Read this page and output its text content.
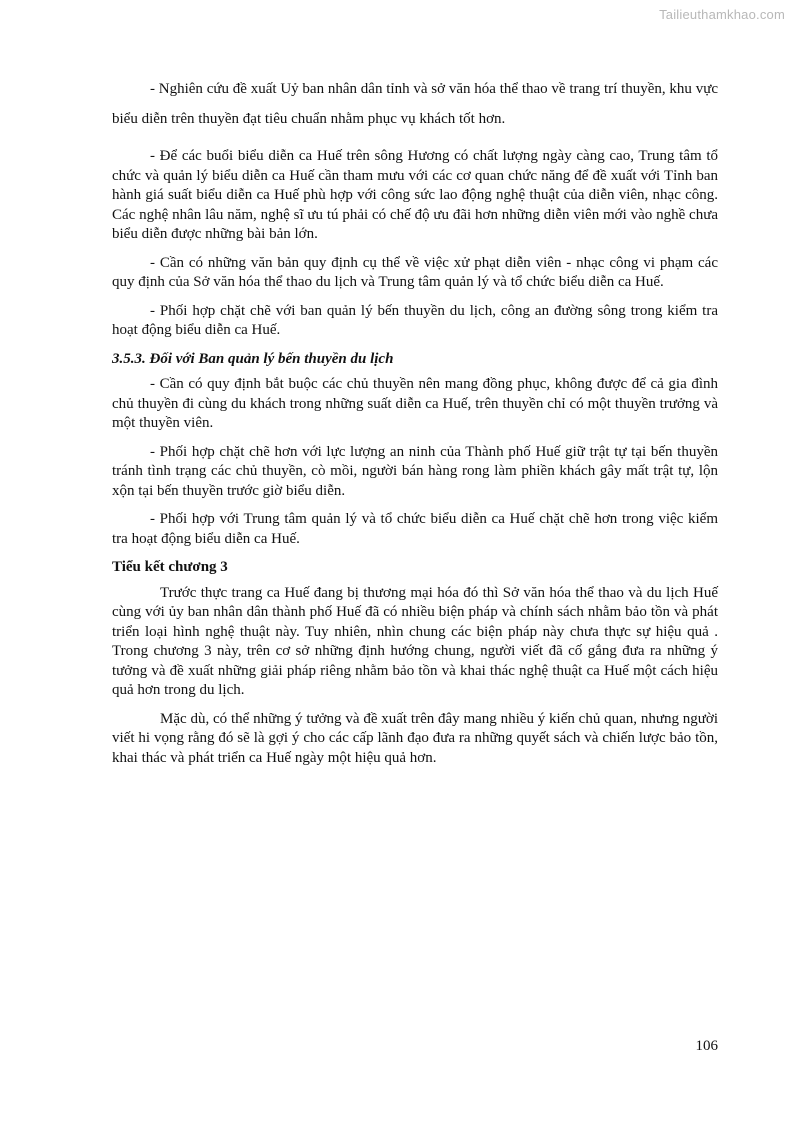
Tailieuthamkhao.com

- Nghiên cứu đề xuất Uỷ ban nhân dân tỉnh và sở văn hóa thể thao về trang trí thuyền, khu vực biểu diễn trên thuyền đạt tiêu chuẩn nhằm phục vụ khách tốt hơn.

- Để các buổi biểu diễn ca Huế trên sông Hương có chất lượng ngày càng cao, Trung tâm tổ chức và quản lý biểu diễn ca Huế cần tham mưu với các cơ quan chức năng để đề xuất với Tỉnh ban hành giá suất biểu diễn ca Huế phù hợp với công sức lao động nghệ thuật của diễn viên, nhạc công. Các nghệ nhân lâu năm, nghệ sĩ ưu tú phải có chế độ ưu đãi hơn những diễn viên mới vào nghề chưa biểu diễn được những bài bản lớn.

- Cần có những văn bản quy định cụ thể về việc xử phạt diễn viên - nhạc công vi phạm các quy định của Sở văn hóa thể thao du lịch và Trung tâm quản lý và tổ chức biểu diễn ca Huế.

- Phối hợp chặt chẽ với ban quản lý bến thuyền du lịch, công an đường sông trong kiểm tra hoạt động biểu diễn ca Huế.

3.5.3. Đối với Ban quản lý bến thuyền du lịch

- Cần có quy định bắt buộc các chủ thuyền nên mang đồng phục, không được để cả gia đình chủ thuyền đi cùng du khách trong những suất diễn ca Huế, trên thuyền chỉ có một thuyền trưởng và một thuyền viên.

- Phối hợp chặt chẽ hơn với lực lượng an ninh của Thành phố Huế giữ trật tự tại bến thuyền tránh tình trạng các chủ thuyền, cò mồi, người bán hàng rong làm phiền khách gây mất trật tự, lộn xộn tại bến thuyền trước giờ biểu diễn.

- Phối hợp với Trung tâm quản lý và tổ chức biểu diễn ca Huế chặt chẽ hơn trong việc kiểm tra hoạt động biểu diễn ca Huế.

Tiểu kết chương 3

Trước thực trang ca Huế đang bị thương mại hóa đó thì Sở văn hóa thể thao và du lịch Huế cùng với ủy ban nhân dân thành phố Huế đã có nhiều biện pháp và chính sách nhằm bảo tồn và phát triển loại hình nghệ thuật này. Tuy nhiên, nhìn chung các biện pháp này chưa thực sự hiệu quả . Trong chương 3 này, trên cơ sở những định hướng chung, người viết đã cố gắng đưa ra những ý tưởng và đề xuất những giải pháp riêng nhằm bảo tồn và khai thác nghệ thuật ca Huế một cách hiệu quả hơn trong du lịch.

Mặc dù, có thể những ý tưởng và đề xuất trên đây mang nhiều ý kiến chủ quan, nhưng người viết hi vọng rằng đó sẽ là gợi ý cho các cấp lãnh đạo đưa ra những quyết sách và chiến lược bảo tồn, khai thác và phát triển ca Huế ngày một hiệu quả hơn.

106
